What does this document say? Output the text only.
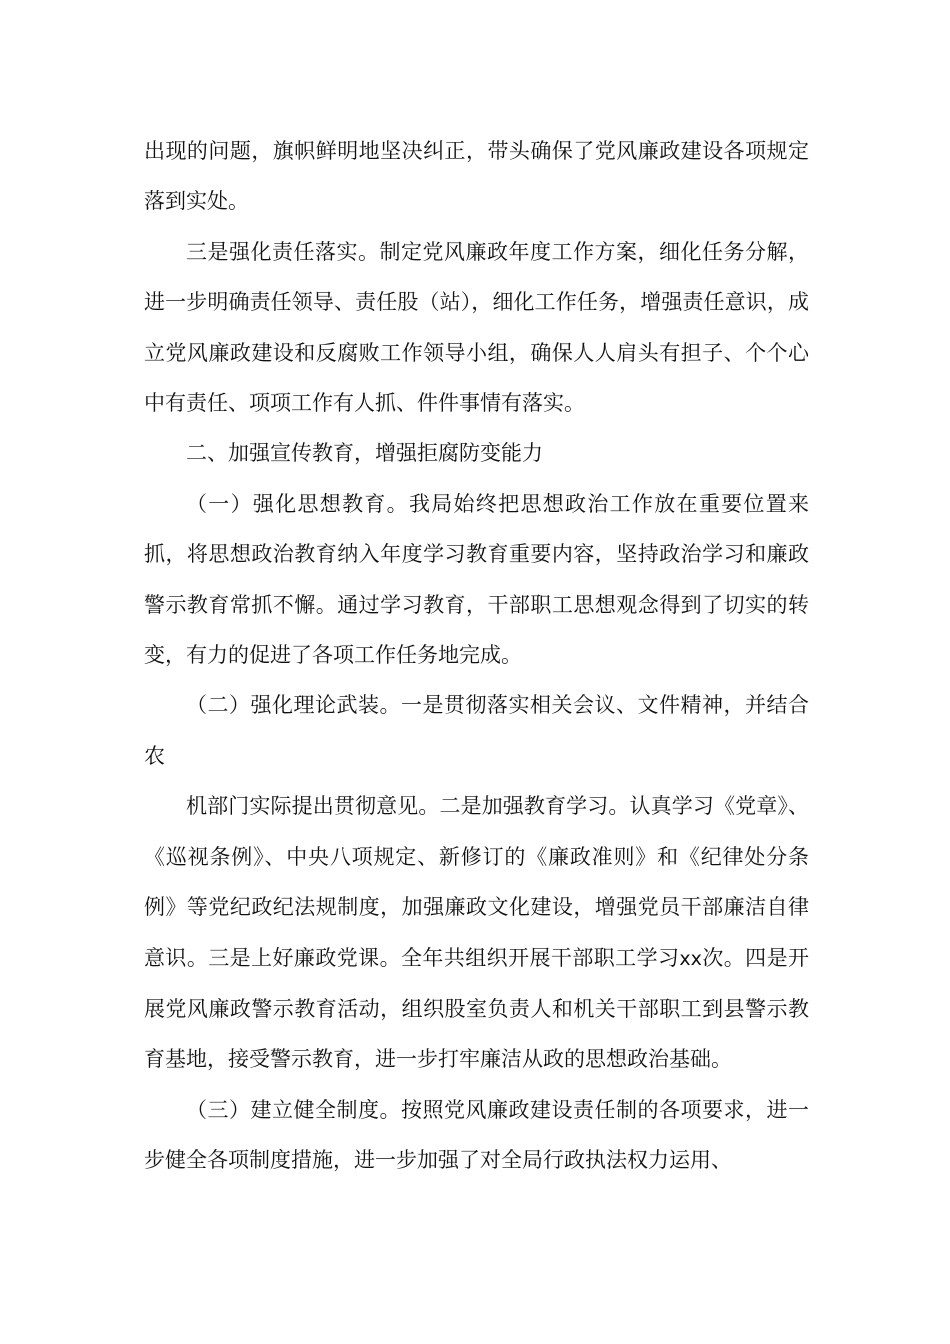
出现的问题，旗帜鲜明地坚决纠正，带头确保了党风廉政建设各项规定落到实处。

三是强化责任落实。制定党风廉政年度工作方案，细化任务分解，进一步明确责任领导、责任股（站），细化工作任务，增强责任意识，成立党风廉政建设和反腐败工作领导小组，确保人人肩头有担子、个个心中有责任、项项工作有人抓、件件事情有落实。

二、加强宣传教育，增强拒腐防变能力

（一）强化思想教育。我局始终把思想政治工作放在重要位置来抓，将思想政治教育纳入年度学习教育重要内容，坚持政治学习和廉政警示教育常抓不懈。通过学习教育，干部职工思想观念得到了切实的转变，有力的促进了各项工作任务地完成。

（二）强化理论武装。一是贯彻落实相关会议、文件精神，并结合农

机部门实际提出贯彻意见。二是加强教育学习。认真学习《党章》、《巡视条例》、中央八项规定、新修订的《廉政准则》和《纪律处分条例》等党纪政纪法规制度，加强廉政文化建设，增强党员干部廉洁自律意识。三是上好廉政党课。全年共组织开展干部职工学习xx次。四是开展党风廉政警示教育活动，组织股室负责人和机关干部职工到县警示教育基地，接受警示教育，进一步打牢廉洁从政的思想政治基础。

（三）建立健全制度。按照党风廉政建设责任制的各项要求，进一步健全各项制度措施，进一步加强了对全局行政执法权力运用、
